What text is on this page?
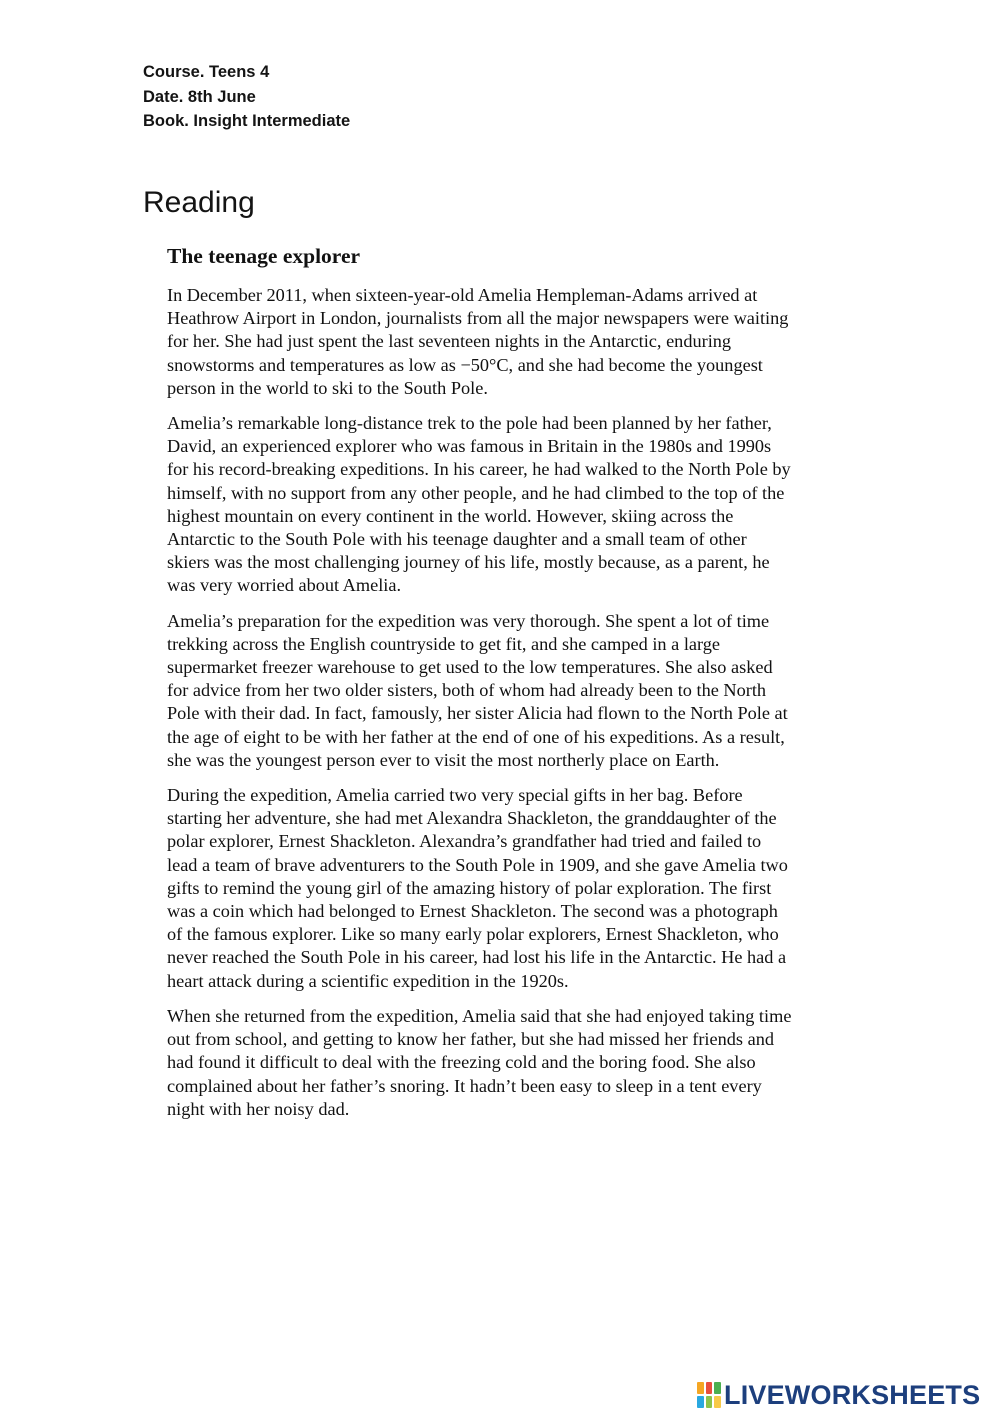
Course. Teens 4
Date. 8th June
Book. Insight Intermediate
Reading
The teenage explorer
In December 2011, when sixteen-year-old Amelia Hempleman-Adams arrived at
Heathrow Airport in London, journalists from all the major newspapers were waiting
for her. She had just spent the last seventeen nights in the Antarctic, enduring
snowstorms and temperatures as low as −50°C, and she had become the youngest
person in the world to ski to the South Pole.
Amelia’s remarkable long-distance trek to the pole had been planned by her father,
David, an experienced explorer who was famous in Britain in the 1980s and 1990s
for his record-breaking expeditions. In his career, he had walked to the North Pole by
himself, with no support from any other people, and he had climbed to the top of the
highest mountain on every continent in the world. However, skiing across the
Antarctic to the South Pole with his teenage daughter and a small team of other
skiers was the most challenging journey of his life, mostly because, as a parent, he
was very worried about Amelia.
Amelia’s preparation for the expedition was very thorough. She spent a lot of time
trekking across the English countryside to get fit, and she camped in a large
supermarket freezer warehouse to get used to the low temperatures. She also asked
for advice from her two older sisters, both of whom had already been to the North
Pole with their dad. In fact, famously, her sister Alicia had flown to the North Pole at
the age of eight to be with her father at the end of one of his expeditions. As a result,
she was the youngest person ever to visit the most northerly place on Earth.
During the expedition, Amelia carried two very special gifts in her bag. Before
starting her adventure, she had met Alexandra Shackleton, the granddaughter of the
polar explorer, Ernest Shackleton. Alexandra’s grandfather had tried and failed to
lead a team of brave adventurers to the South Pole in 1909, and she gave Amelia two
gifts to remind the young girl of the amazing history of polar exploration. The first
was a coin which had belonged to Ernest Shackleton. The second was a photograph
of the famous explorer. Like so many early polar explorers, Ernest Shackleton, who
never reached the South Pole in his career, had lost his life in the Antarctic. He had a
heart attack during a scientific expedition in the 1920s.
When she returned from the expedition, Amelia said that she had enjoyed taking time
out from school, and getting to know her father, but she had missed her friends and
had found it difficult to deal with the freezing cold and the boring food. She also
complained about her father’s snoring. It hadn’t been easy to sleep in a tent every
night with her noisy dad.
LIVEWORKSHEETS
